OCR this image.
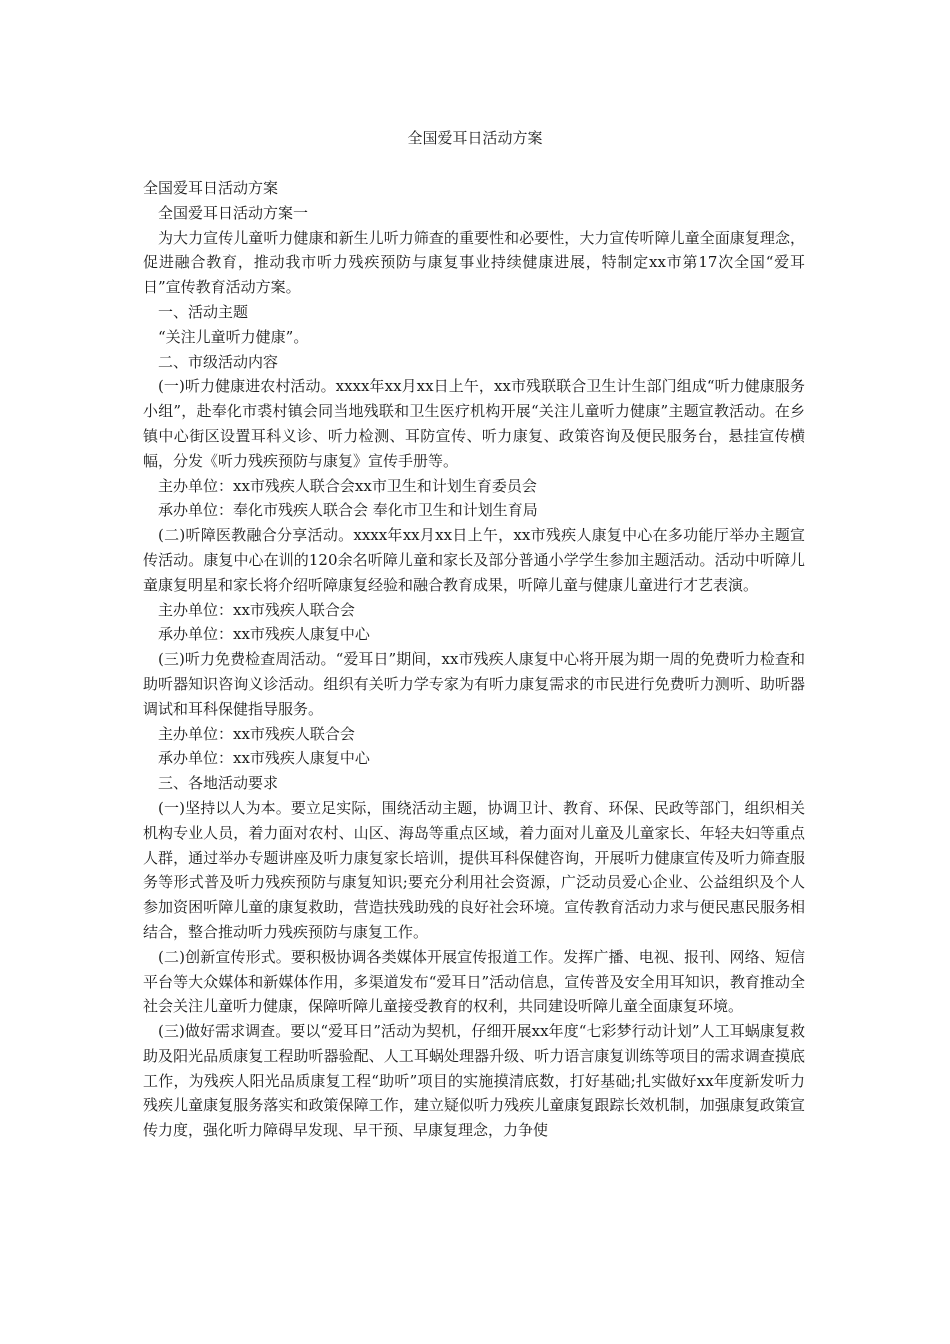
全国爱耳日活动方案

全国爱耳日活动方案

全国爱耳日活动方案一

为大力宣传儿童听力健康和新生儿听力筛查的重要性和必要性，大力宣传听障儿童全面康复理念，促进融合教育，推动我市听力残疾预防与康复事业持续健康进展，特制定xx市第17次全国“爱耳日”宣传教育活动方案。

一、活动主题

“关注儿童听力健康”。

二、市级活动内容

(一)听力健康进农村活动。xxxx年xx月xx日上午，xx市残联联合卫生计生部门组成“听力健康服务小组”，赴奉化市裘村镇会同当地残联和卫生医疗机构开展“关注儿童听力健康”主题宣教活动。在乡镇中心街区设置耳科义诊、听力检测、耳防宣传、听力康复、政策咨询及便民服务台，悬挂宣传横幅，分发《听力残疾预防与康复》宣传手册等。

主办单位：xx市残疾人联合会xx市卫生和计划生育委员会

承办单位：奉化市残疾人联合会 奉化市卫生和计划生育局

(二)听障医教融合分享活动。xxxx年xx月xx日上午，xx市残疾人康复中心在多功能厅举办主题宣传活动。康复中心在训的120余名听障儿童和家长及部分普通小学学生参加主题活动。活动中听障儿童康复明星和家长将介绍听障康复经验和融合教育成果，听障儿童与健康儿童进行才艺表演。

主办单位：xx市残疾人联合会

承办单位：xx市残疾人康复中心

(三)听力免费检查周活动。“爱耳日”期间，xx市残疾人康复中心将开展为期一周的免费听力检查和助听器知识咨询义诊活动。组织有关听力学专家为有听力康复需求的市民进行免费听力测听、助听器调试和耳科保健指导服务。

主办单位：xx市残疾人联合会

承办单位：xx市残疾人康复中心

三、各地活动要求

(一)坚持以人为本。要立足实际，围绕活动主题，协调卫计、教育、环保、民政等部门，组织相关机构专业人员，着力面对农村、山区、海岛等重点区域，着力面对儿童及儿童家长、年轻夫妇等重点人群，通过举办专题讲座及听力康复家长培训，提供耳科保健咨询，开展听力健康宣传及听力筛查服务等形式普及听力残疾预防与康复知识;要充分利用社会资源，广泛动员爱心企业、公益组织及个人参加资困听障儿童的康复救助，营造扶残助残的良好社会环境。宣传教育活动力求与便民惠民服务相结合，整合推动听力残疾预防与康复工作。

(二)创新宣传形式。要积极协调各类媒体开展宣传报道工作。发挥广播、电视、报刊、网络、短信平台等大众媒体和新媒体作用，多渠道发布“爱耳日”活动信息，宣传普及安全用耳知识，教育推动全社会关注儿童听力健康，保障听障儿童接受教育的权利，共同建设听障儿童全面康复环境。

(三)做好需求调查。要以“爱耳日”活动为契机，仔细开展xx年度“七彩梦行动计划”人工耳蜗康复救助及阳光品质康复工程助听器验配、人工耳蜗处理器升级、听力语言康复训练等项目的需求调查摸底工作，为残疾人阳光品质康复工程“助听”项目的实施摸清底数，打好基础;扎实做好xx年度新发听力残疾儿童康复服务落实和政策保障工作，建立疑似听力残疾儿童康复跟踪长效机制，加强康复政策宣传力度，强化听力障碍早发现、早干预、早康复理念，力争使
